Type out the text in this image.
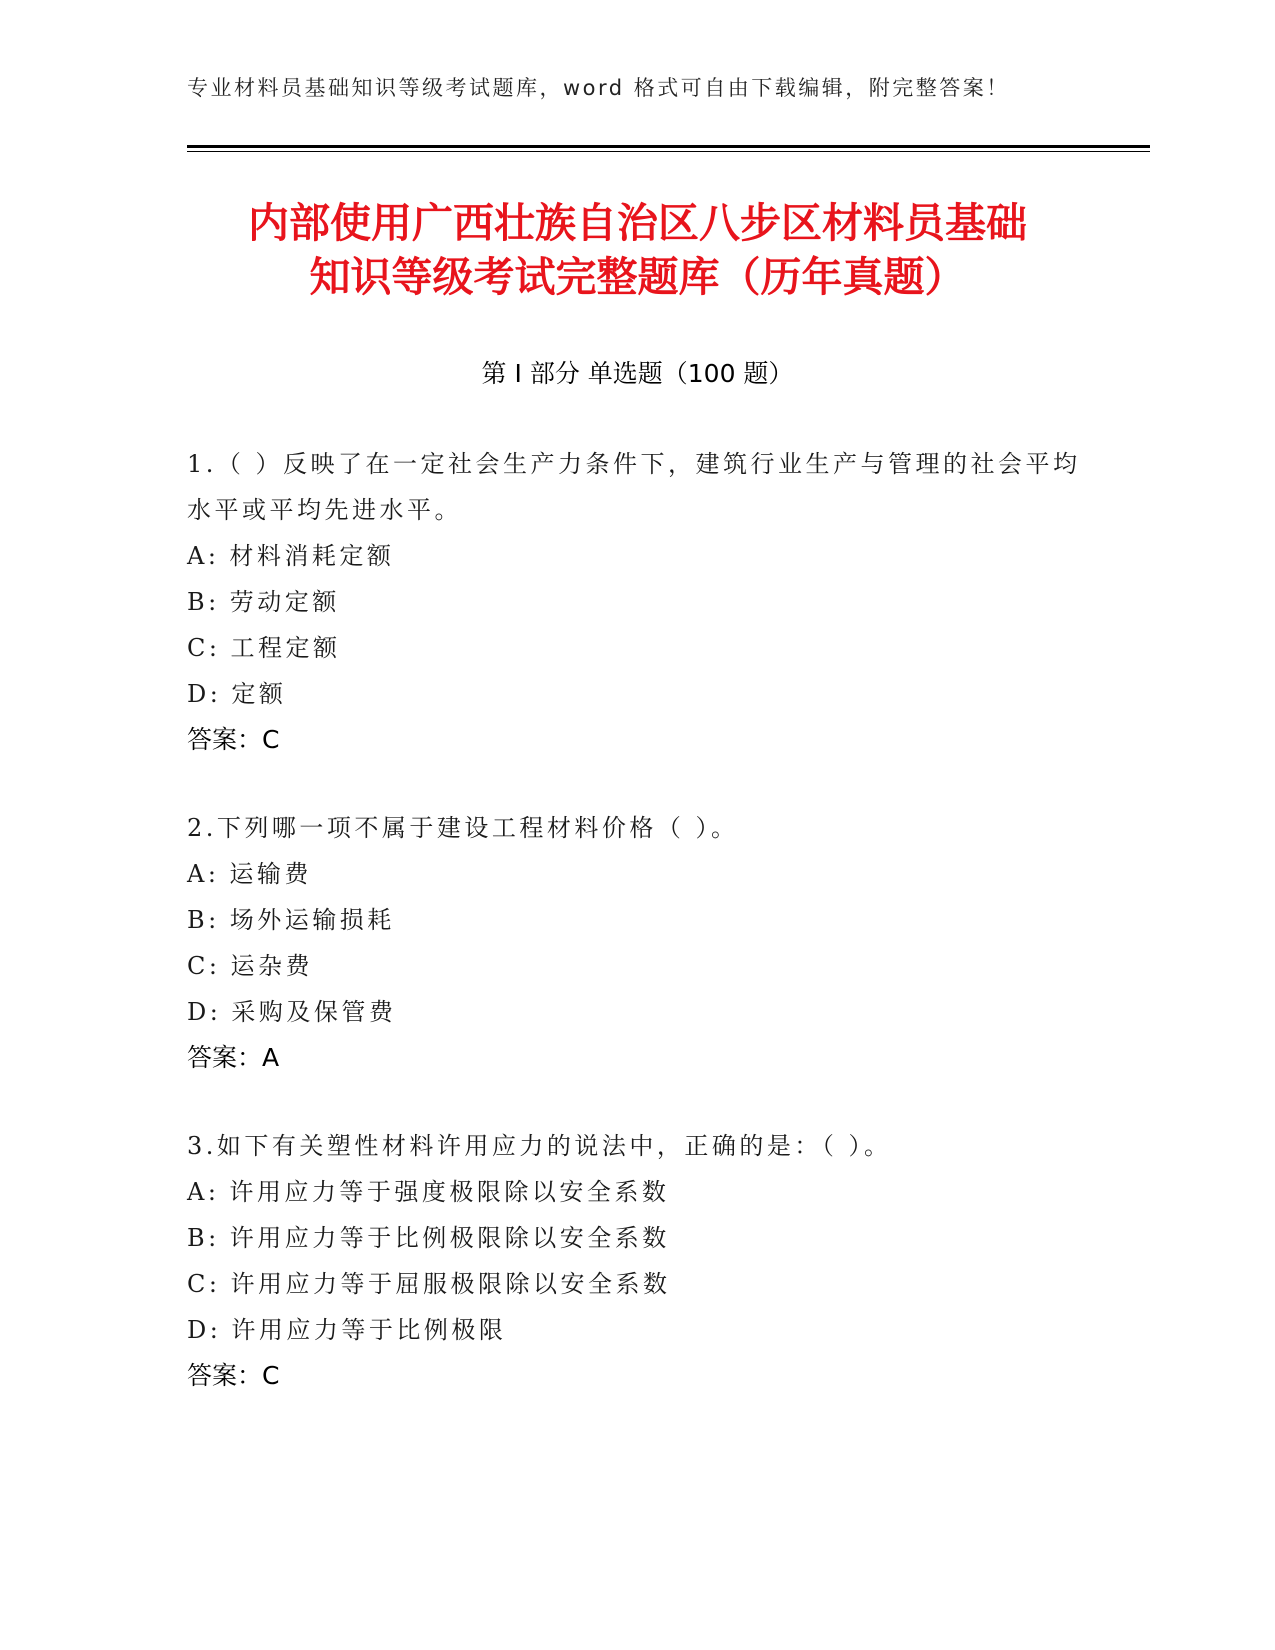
专业材料员基础知识等级考试题库，word 格式可自由下载编辑，附完整答案！
内部使用广西壮族自治区八步区材料员基础
知识等级考试完整题库（历年真题）
第 I 部分 单选题（100 题）
1.（ ）反映了在一定社会生产力条件下，建筑行业生产与管理的社会平均水平或平均先进水平。
A: 材料消耗定额
B: 劳动定额
C: 工程定额
D: 定额
答案：C
2.下列哪一项不属于建设工程材料价格（ ）。
A: 运输费
B: 场外运输损耗
C: 运杂费
D: 采购及保管费
答案：A
3.如下有关塑性材料许用应力的说法中，正确的是：（ ）。
A: 许用应力等于强度极限除以安全系数
B: 许用应力等于比例极限除以安全系数
C: 许用应力等于屈服极限除以安全系数
D: 许用应力等于比例极限
答案：C
